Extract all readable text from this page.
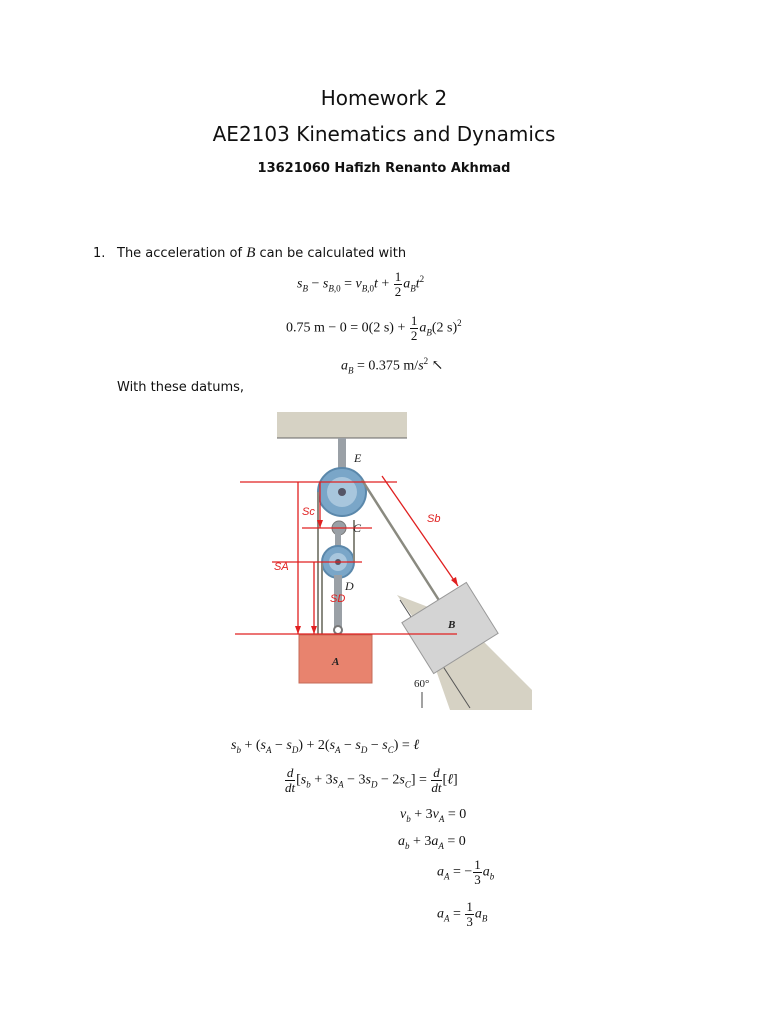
Homework 2
AE2103 Kinematics and Dynamics
13621060 Hafizh Renanto Akhmad
1. The acceleration of B can be calculated with
$s_B - s_{B,0} = v_{B,0}t + \frac{1}{2} a_Bt^2$
0.75 m − 0 = 0(2 $s) + \frac{1}{2} a_B(2$ s)$^2$
$a_B = 0.375$ $m/s^2$ ↖
With these datums,
A
B
E
C
D
60°
Sc
SA
SD
Sb
$s_b + (s_A - s_D) + 2(s_A - s_D - s_C)$ = ℓ
$\frac{d}{dt} [s_b + 3s_A - 3s_D - 2s_C] = \frac{d}{dt}$ [ℓ]
$v_b + 3v_A = 0$
$a_b + 3a_A = 0$
$a_A$ = − $\frac{1}{3} a_b$
$a_A = \frac{1}{3} a_B$
